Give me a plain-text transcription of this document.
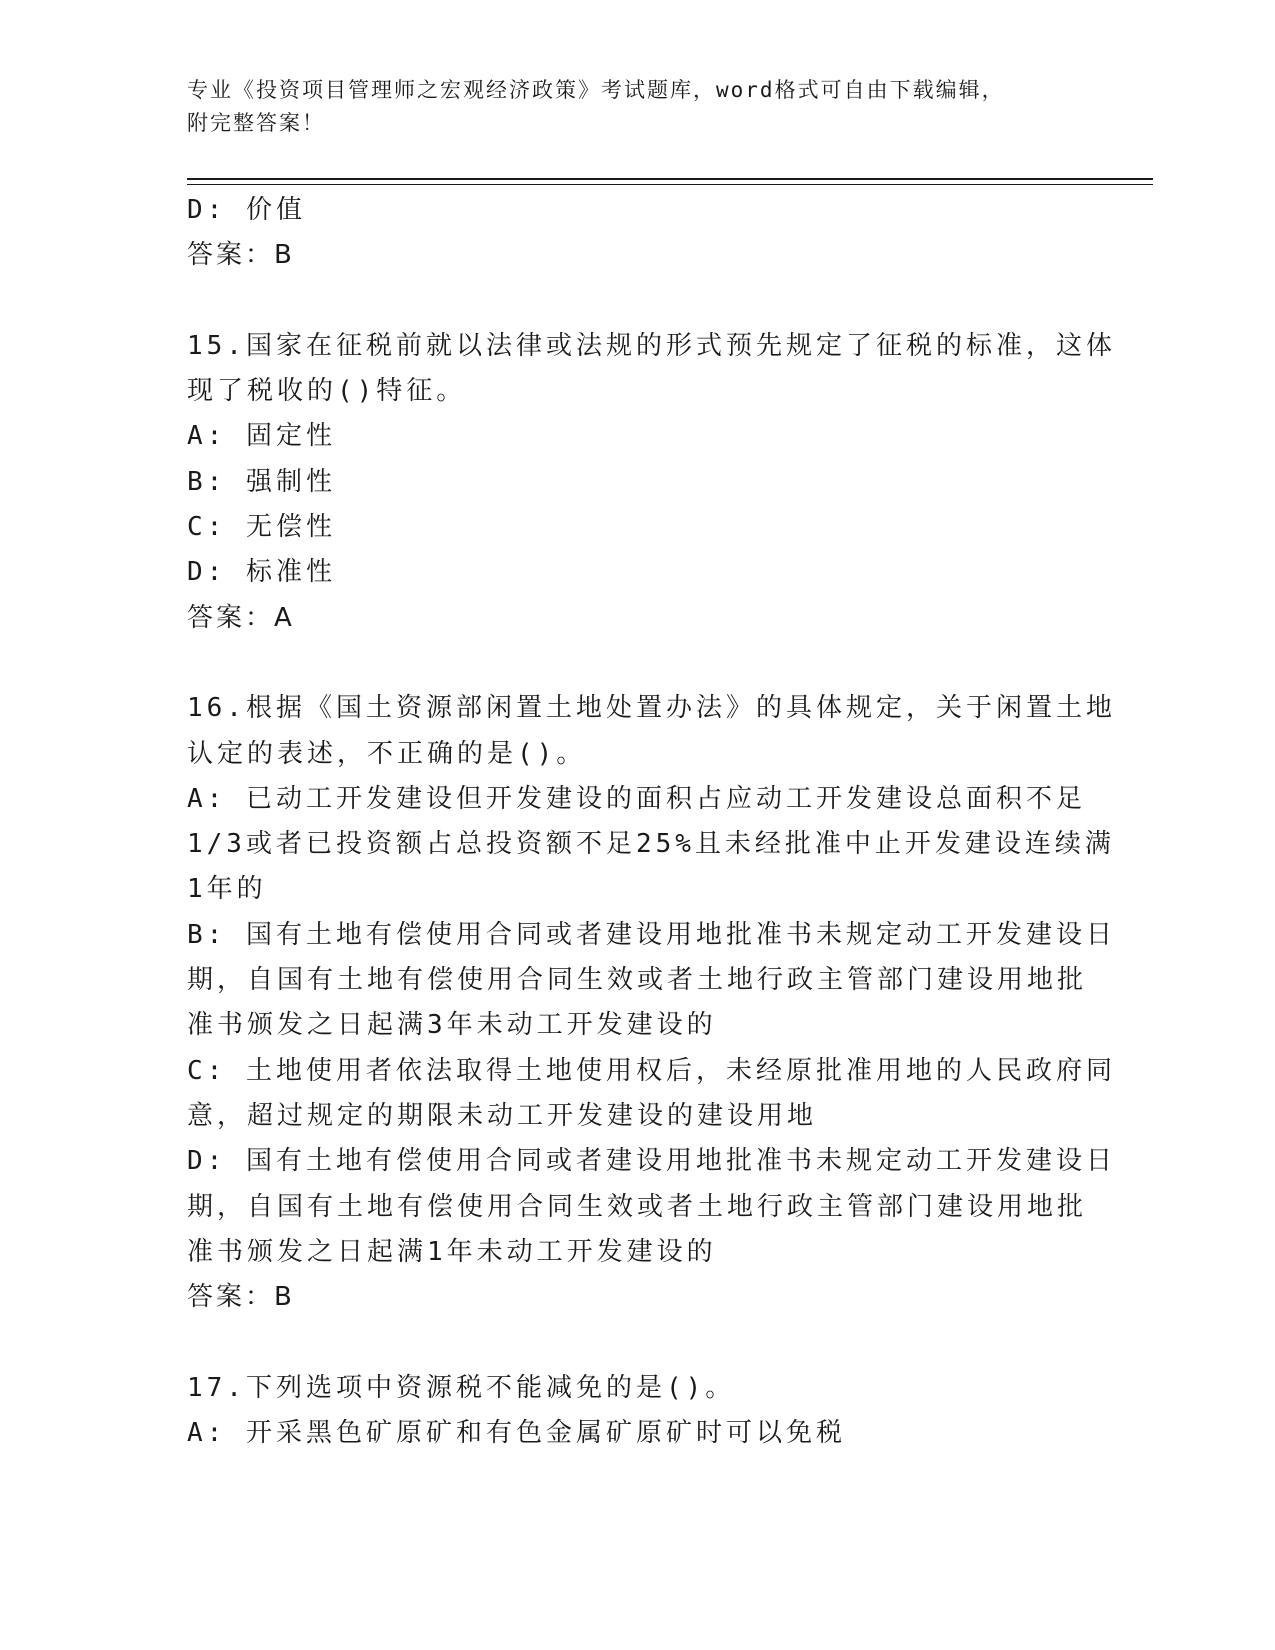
专业《投资项目管理师之宏观经济政策》考试题库，word格式可自由下载编辑，
附完整答案！
D: 价值
答案：B
15.国家在征税前就以法律或法规的形式预先规定了征税的标准，这体
现了税收的()特征。
A: 固定性
B: 强制性
C: 无偿性
D: 标准性
答案：A
16.根据《国土资源部闲置土地处置办法》的具体规定，关于闲置土地
认定的表述，不正确的是()。
A: 已动工开发建设但开发建设的面积占应动工开发建设总面积不足
1/3或者已投资额占总投资额不足25%且未经批准中止开发建设连续满
1年的
B: 国有土地有偿使用合同或者建设用地批准书未规定动工开发建设日
期，自国有土地有偿使用合同生效或者土地行政主管部门建设用地批
准书颁发之日起满3年未动工开发建设的
C: 土地使用者依法取得土地使用权后，未经原批准用地的人民政府同
意，超过规定的期限未动工开发建设的建设用地
D: 国有土地有偿使用合同或者建设用地批准书未规定动工开发建设日
期，自国有土地有偿使用合同生效或者土地行政主管部门建设用地批
准书颁发之日起满1年未动工开发建设的
答案：B
17.下列选项中资源税不能减免的是()。
A: 开采黑色矿原矿和有色金属矿原矿时可以免税
